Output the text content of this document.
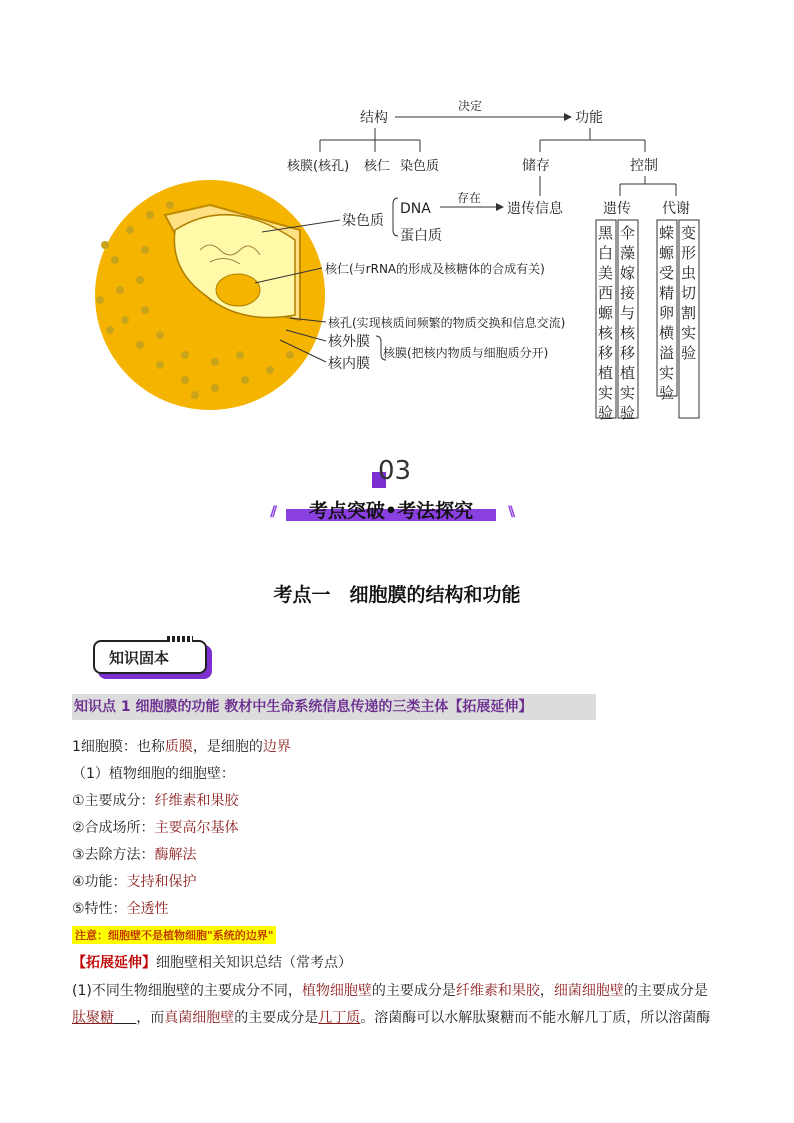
结构
决定
功能
核膜(核孔) 核仁 染色质	储存	控制
染色质
DNA
存在
遗传信息
蛋白质
核仁(与rRNA的形成及核糖体的合成有关)
核孔(实现核质间频繁的物质交换和信息交流)
核外膜
核内膜
核膜(把核内物质与细胞质分开)
遗传 代谢
黑白美西螈核移植实验
伞藻嫁接与核移植实验
蝾螈受精卵横溢实验
变形虫切割实验
03
//	考点突破•考法探究	\\
考点一　细胞膜的结构和功能
知识固本
知识点 1 细胞膜的功能 教材中生命系统信息传递的三类主体【拓展延伸】
1细胞膜：也称质膜，是细胞的边界
（1）植物细胞的细胞壁：
①主要成分：纤维素和果胶
②合成场所：主要高尔基体
③去除方法：酶解法
④功能：支持和保护
⑤特性：全透性
注意：细胞壁不是植物细胞"系统的边界"
【拓展延伸】细胞壁相关知识总结（常考点）
(1)不同生物细胞壁的主要成分不同，植物细胞壁的主要成分是纤维素和果胶，细菌细胞壁的主要成分是
肽聚糖 ，而真菌细胞壁的主要成分是几丁质。溶菌酶可以水解肽聚糖而不能水解几丁质，所以溶菌酶
